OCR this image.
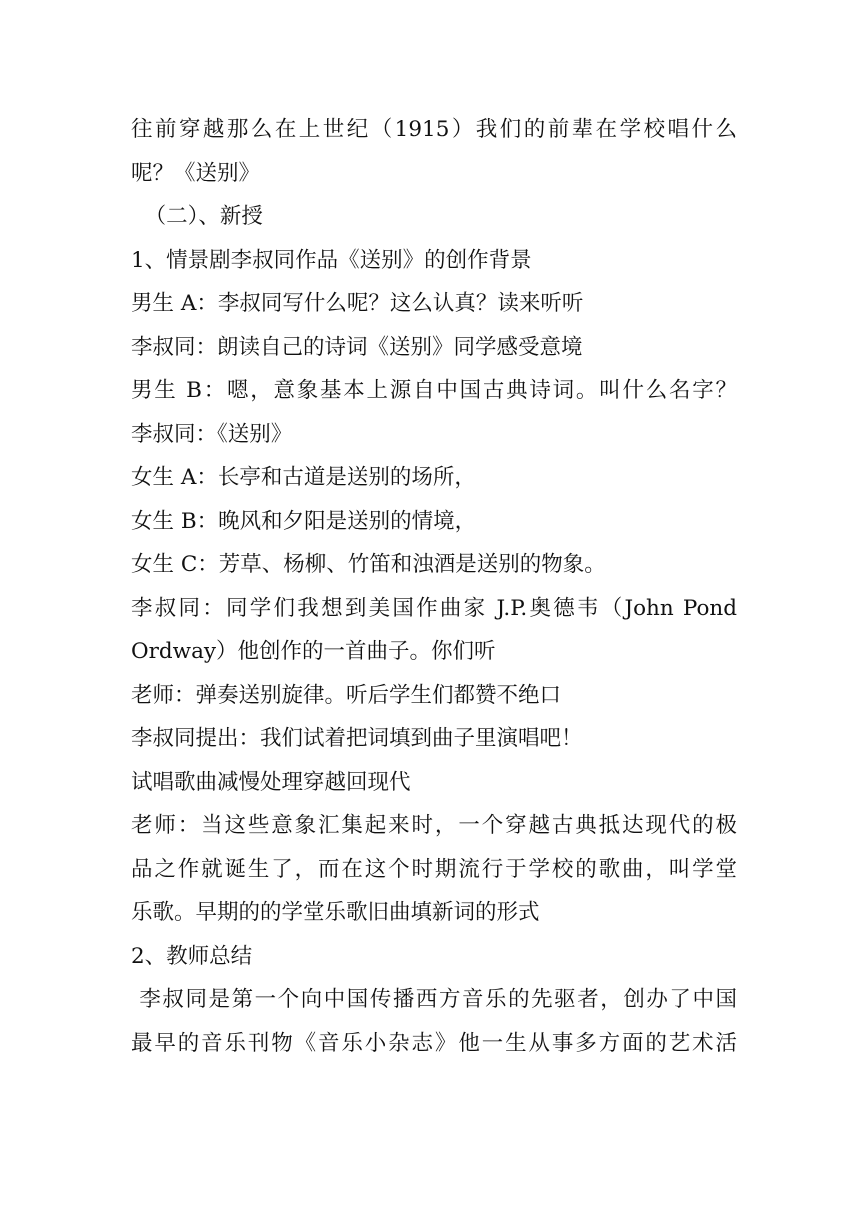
往前穿越那么在上世纪（1915）我们的前辈在学校唱什么
呢？《送别》
（二）、新授
1、情景剧李叔同作品《送别》的创作背景
男生 A：李叔同写什么呢？这么认真？读来听听
李叔同：朗读自己的诗词《送别》同学感受意境
男生 B：嗯，意象基本上源自中国古典诗词。叫什么名字？
李叔同：《送别》
女生 A：长亭和古道是送别的场所，
女生 B：晚风和夕阳是送别的情境，
女生 C：芳草、杨柳、竹笛和浊酒是送别的物象。
李叔同：同学们我想到美国作曲家 J.P.奥德韦（John Pond
Ordway）他创作的一首曲子。你们听
老师：弹奏送别旋律。听后学生们都赞不绝口
李叔同提出：我们试着把词填到曲子里演唱吧！
试唱歌曲减慢处理穿越回现代
老师：当这些意象汇集起来时，一个穿越古典抵达现代的极
品之作就诞生了，而在这个时期流行于学校的歌曲，叫学堂
乐歌。早期的的学堂乐歌旧曲填新词的形式
2、教师总结
李叔同是第一个向中国传播西方音乐的先驱者，创办了中国
最早的音乐刊物《音乐小杂志》他一生从事多方面的艺术活
